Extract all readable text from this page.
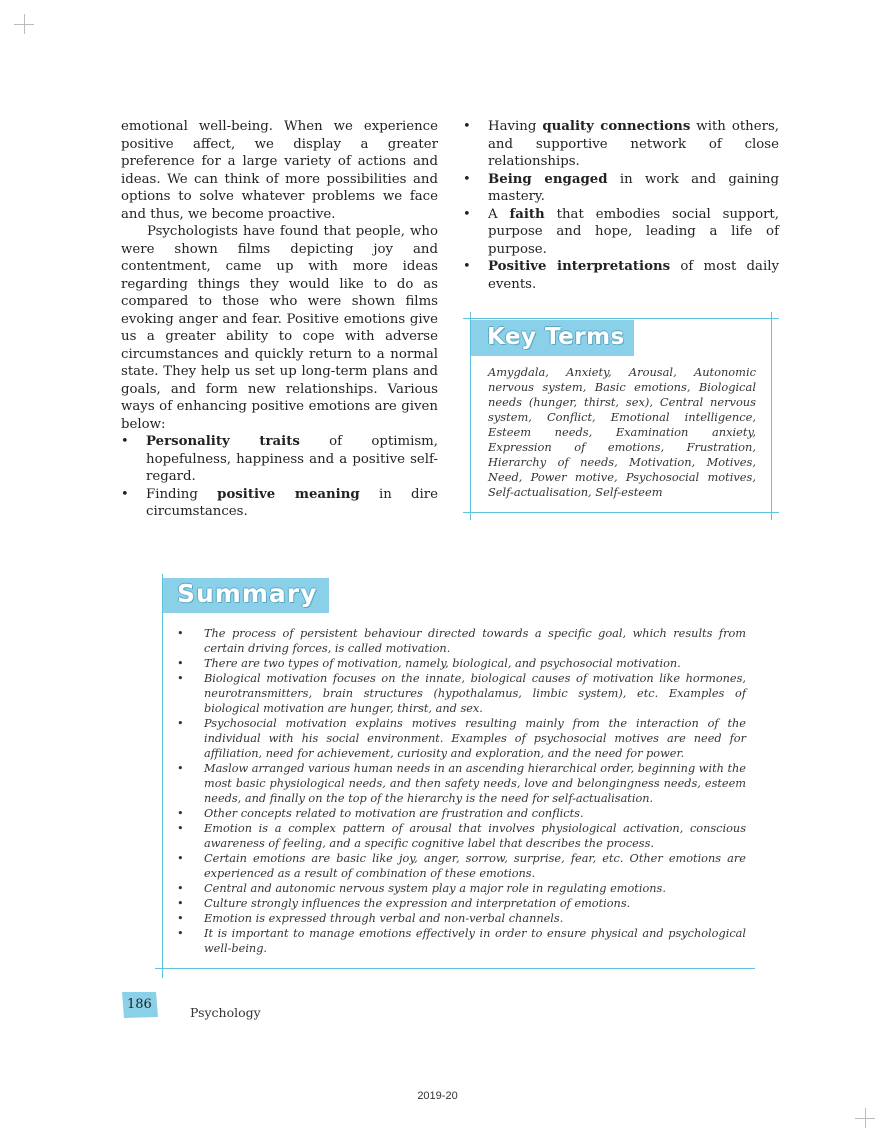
emotional well-being. When we experience positive affect, we display a greater preference for a large variety of actions and ideas. We can think of more possibilities and options to solve whatever problems we face and thus, we become proactive.

Psychologists have found that people, who were shown films depicting joy and contentment, came up with more ideas regarding things they would like to do as compared to those who were shown films evoking anger and fear. Positive emotions give us a greater ability to cope with adverse circumstances and quickly return to a normal state. They help us set up long-term plans and goals, and form new relationships. Various ways of enhancing positive emotions are given below:

• Personality traits of optimism, hopefulness, happiness and a positive self-regard.
• Finding positive meaning in dire circumstances.
• Having quality connections with others, and supportive network of close relationships.
• Being engaged in work and gaining mastery.
• A faith that embodies social support, purpose and hope, leading a life of purpose.
• Positive interpretations of most daily events.
Key Terms
Amygdala, Anxiety, Arousal, Autonomic nervous system, Basic emotions, Biological needs (hunger, thirst, sex), Central nervous system, Conflict, Emotional intelligence, Esteem needs, Examination anxiety, Expression of emotions, Frustration, Hierarchy of needs, Motivation, Motives, Need, Power motive, Psychosocial motives, Self-actualisation, Self-esteem
Summary
• The process of persistent behaviour directed towards a specific goal, which results from certain driving forces, is called motivation.
• There are two types of motivation, namely, biological, and psychosocial motivation.
• Biological motivation focuses on the innate, biological causes of motivation like hormones, neurotransmitters, brain structures (hypothalamus, limbic system), etc. Examples of biological motivation are hunger, thirst, and sex.
• Psychosocial motivation explains motives resulting mainly from the interaction of the individual with his social environment. Examples of psychosocial motives are need for affiliation, need for achievement, curiosity and exploration, and the need for power.
• Maslow arranged various human needs in an ascending hierarchical order, beginning with the most basic physiological needs, and then safety needs, love and belongingness needs, esteem needs, and finally on the top of the hierarchy is the need for self-actualisation.
• Other concepts related to motivation are frustration and conflicts.
• Emotion is a complex pattern of arousal that involves physiological activation, conscious awareness of feeling, and a specific cognitive label that describes the process.
• Certain emotions are basic like joy, anger, sorrow, surprise, fear, etc. Other emotions are experienced as a result of combination of these emotions.
• Central and autonomic nervous system play a major role in regulating emotions.
• Culture strongly influences the expression and interpretation of emotions.
• Emotion is expressed through verbal and non-verbal channels.
• It is important to manage emotions effectively in order to ensure physical and psychological well-being.
186
Psychology
2019-20
